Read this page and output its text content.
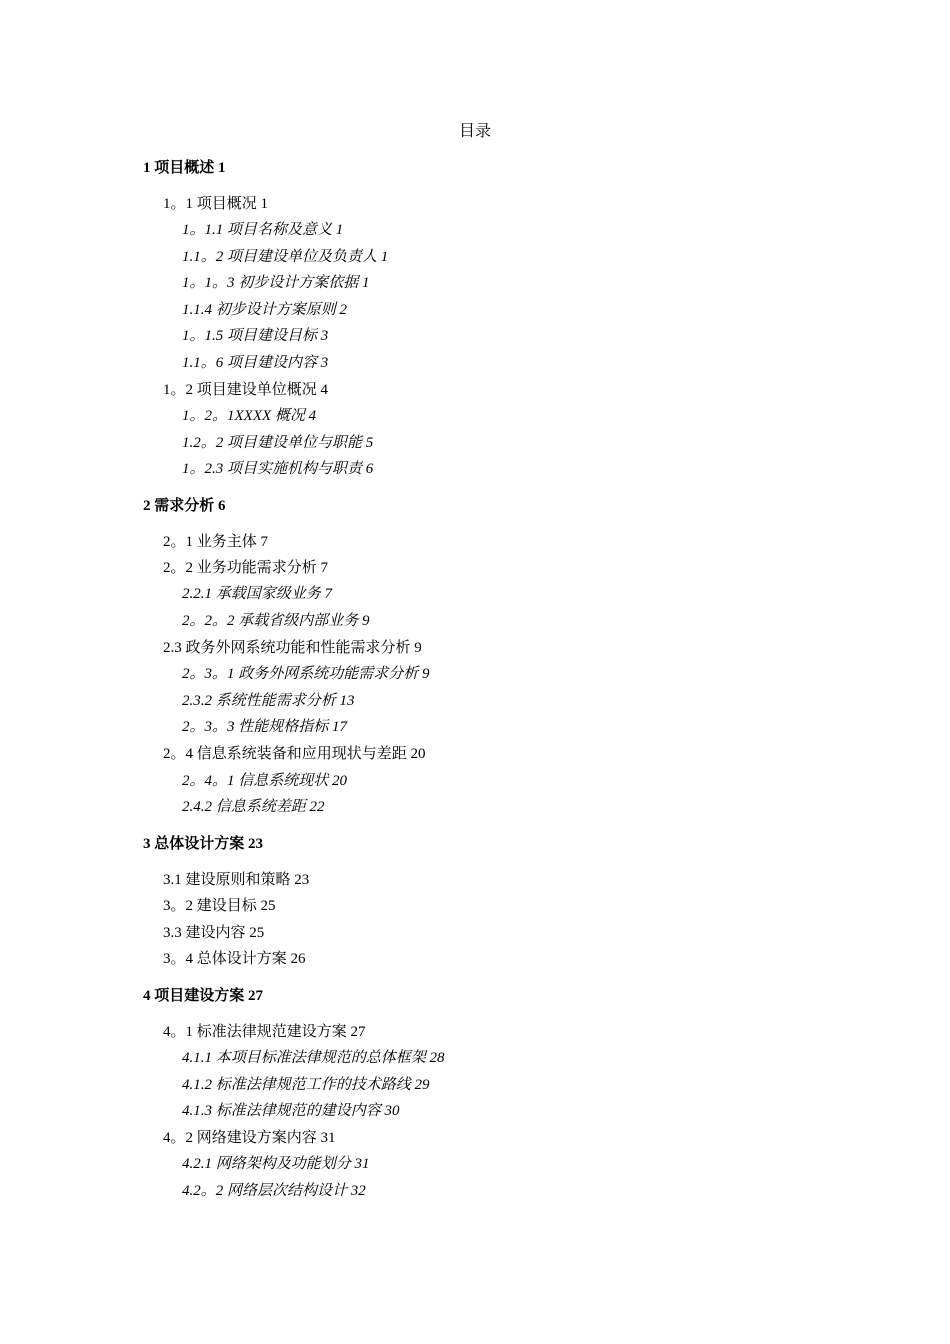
目录
1 项目概述 1
1。1 项目概况 1
1。1.1 项目名称及意义 1
1.1。2 项目建设单位及负责人 1
1。1。3 初步设计方案依据 1
1.1.4 初步设计方案原则 2
1。1.5 项目建设目标 3
1.1。6 项目建设内容 3
1。2 项目建设单位概况 4
1。2。1XXXX 概况 4
1.2。2 项目建设单位与职能 5
1。2.3 项目实施机构与职责 6
2 需求分析 6
2。1 业务主体 7
2。2 业务功能需求分析 7
2.2.1 承载国家级业务 7
2。2。2 承载省级内部业务 9
2.3 政务外网系统功能和性能需求分析 9
2。3。1 政务外网系统功能需求分析 9
2.3.2 系统性能需求分析 13
2。3。3 性能规格指标 17
2。4 信息系统装备和应用现状与差距 20
2。4。1 信息系统现状 20
2.4.2 信息系统差距 22
3 总体设计方案 23
3.1 建设原则和策略 23
3。2 建设目标 25
3.3 建设内容 25
3。4 总体设计方案 26
4 项目建设方案 27
4。1 标准法律规范建设方案 27
4.1.1 本项目标准法律规范的总体框架 28
4.1.2 标准法律规范工作的技术路线 29
4.1.3 标准法律规范的建设内容 30
4。2 网络建设方案内容 31
4.2.1 网络架构及功能划分 31
4.2。2 网络层次结构设计 32
